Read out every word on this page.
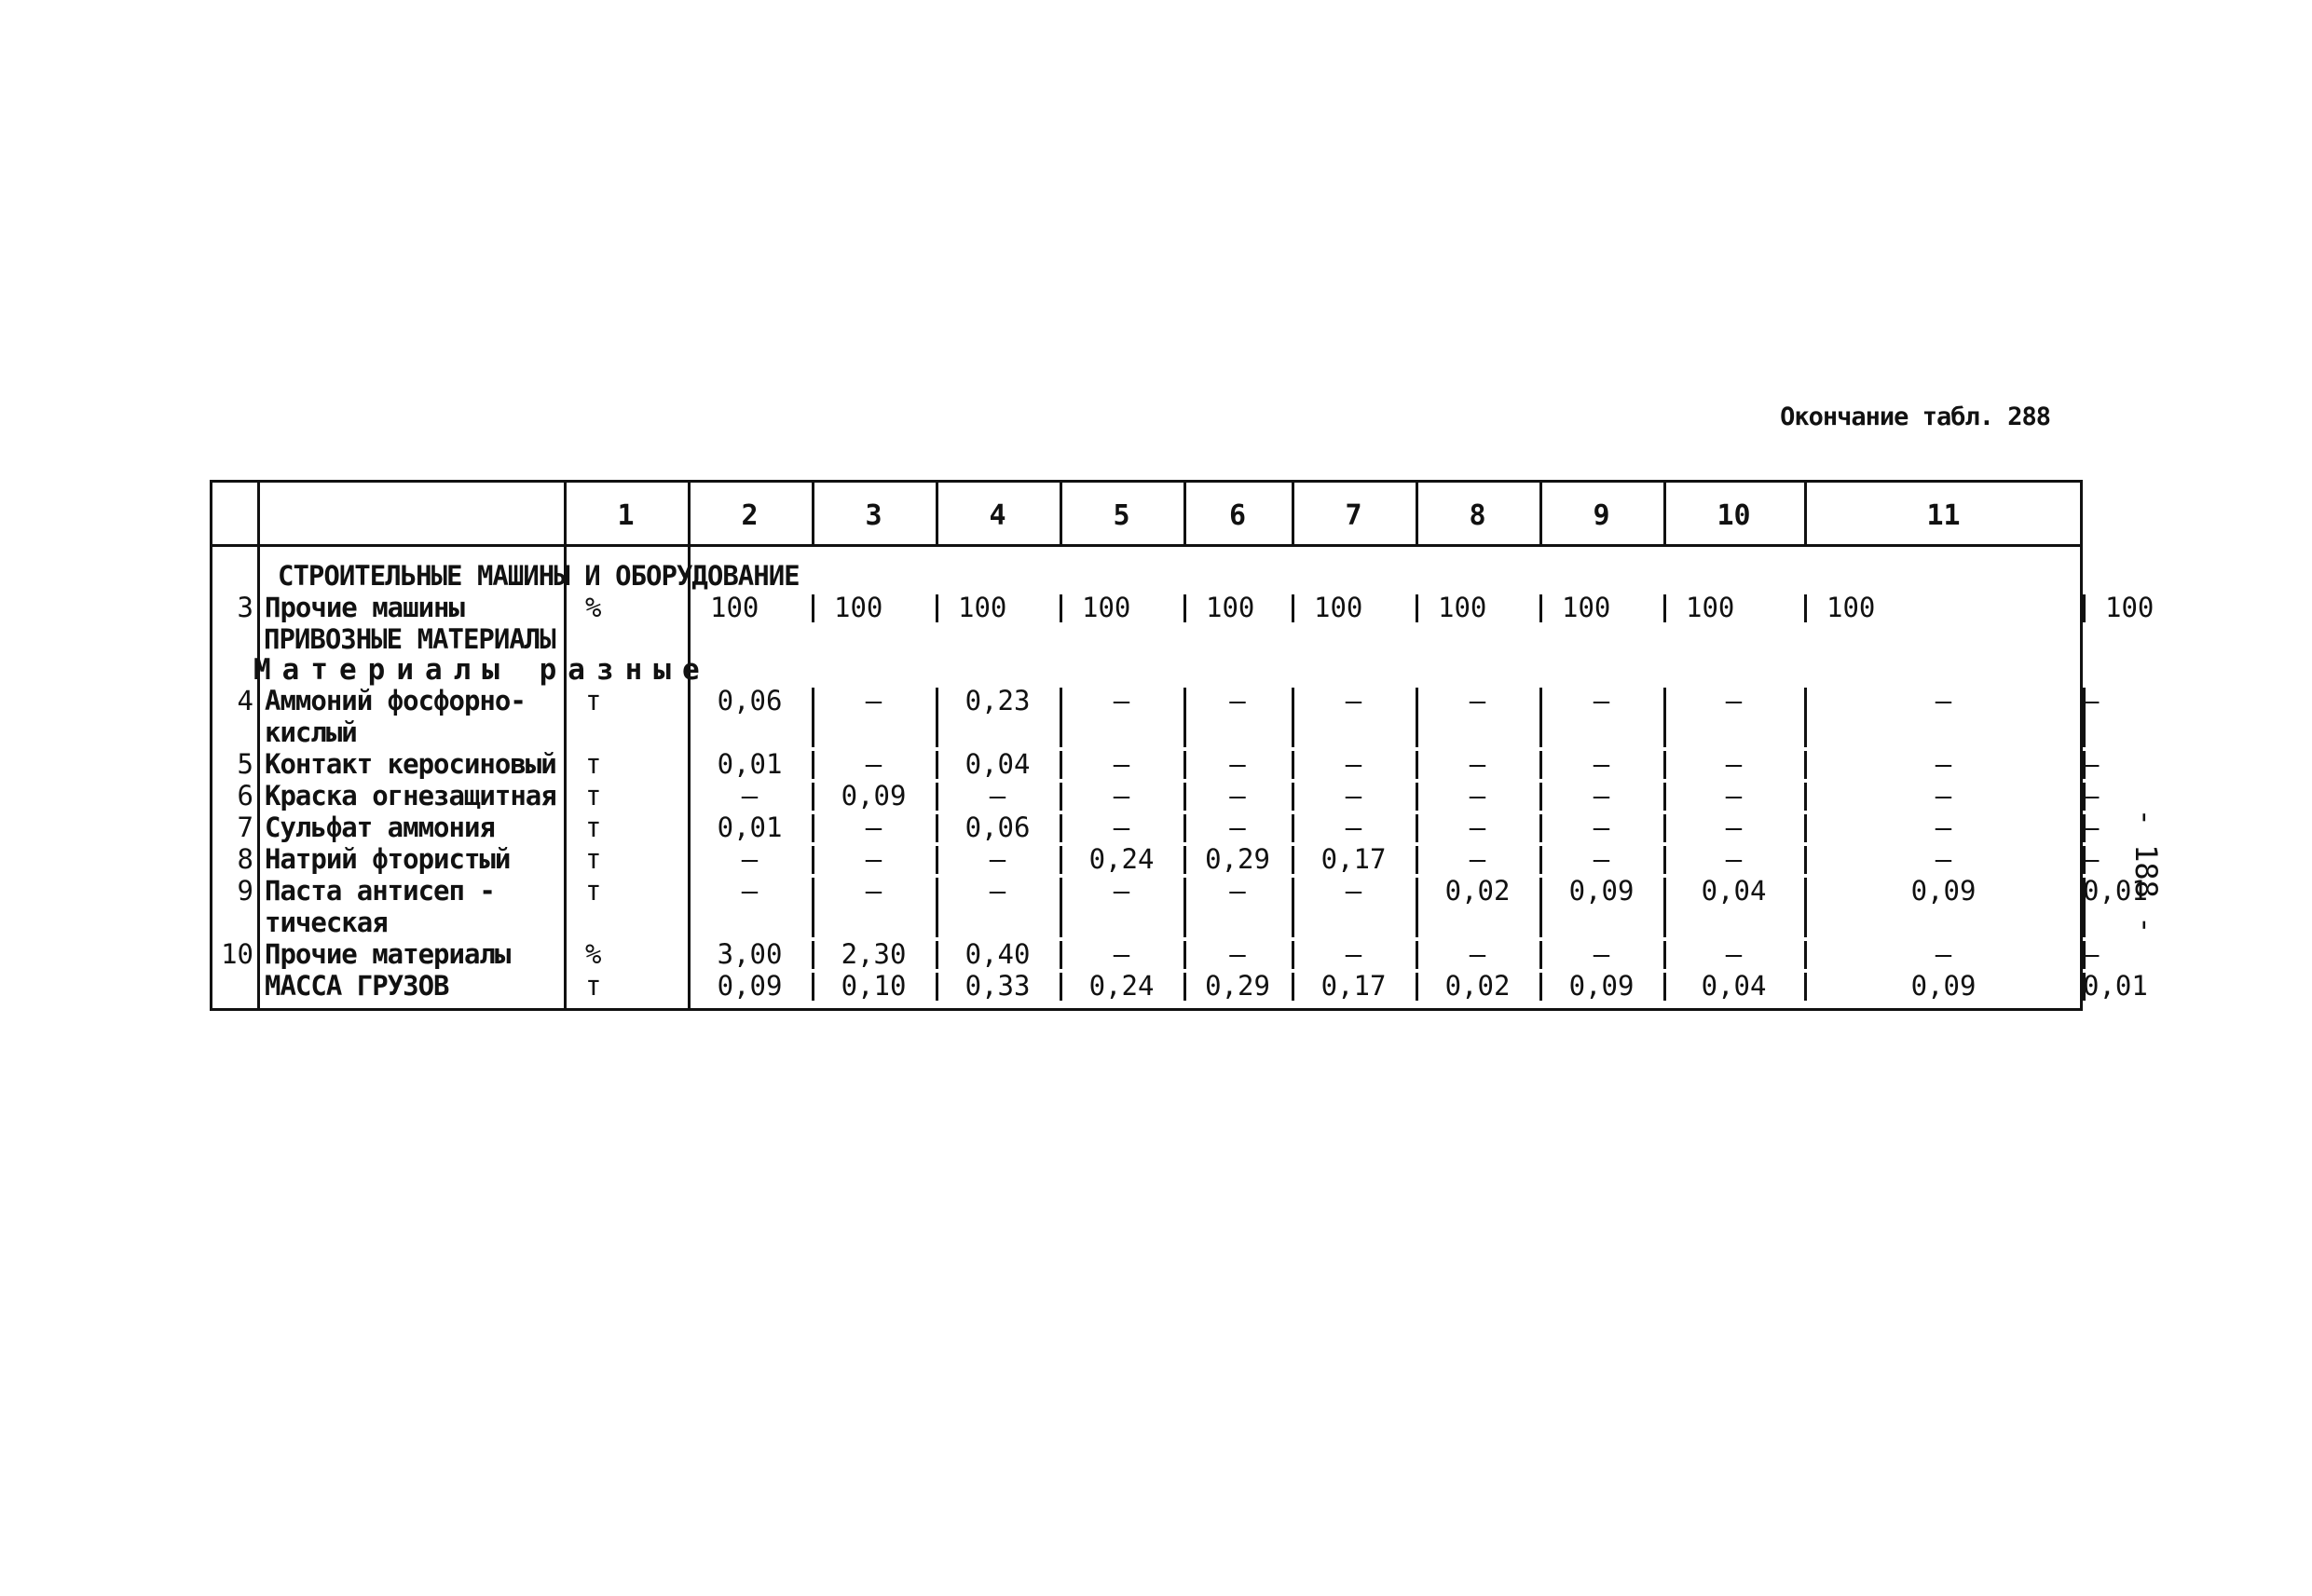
Окончание табл. 288
- 188 -
1	2	3	4	5	6	7	8	9	10	11
СТРОИТЕЛЬНЫЕ МАШИНЫ И ОБОРУДОВАНИЕ
ПРИВОЗНЫЕ МАТЕРИАЛЫ
Материалы разные
3 Прочие машины	%	100	100	100	100	100	100	100	100	100	100	100
4 Аммоний фосфорно-
кислый
т	0,06	–	0,23	–	–	–	–	–	–	–	–
5 Контакт керосиновый т	0,01	–	0,04	–	–	–	–	–	–	–	–
6 Краска огнезащитная т	–	0,09	–	–	–	–	–	–	–	–	–
7 Сульфат аммония	т	0,01	–	0,06	–	–	–	–	–	–	–	–
8 Натрий фтористый	т	–	–	–	0,24	0,29	0,17	–	–	–	–	–
9 Паста антисеп -
тическая
т	–	–	–	–	–	–	0,02	0,09	0,04	0,09	0,01
10 Прочие материалы	%	3,00	2,30	0,40	–	–	–	–	–	–	–	–
МАССА ГРУЗОВ	т	0,09	0,10	0,33	0,24	0,29	0,17	0,02	0,09	0,04	0,09	0,01
